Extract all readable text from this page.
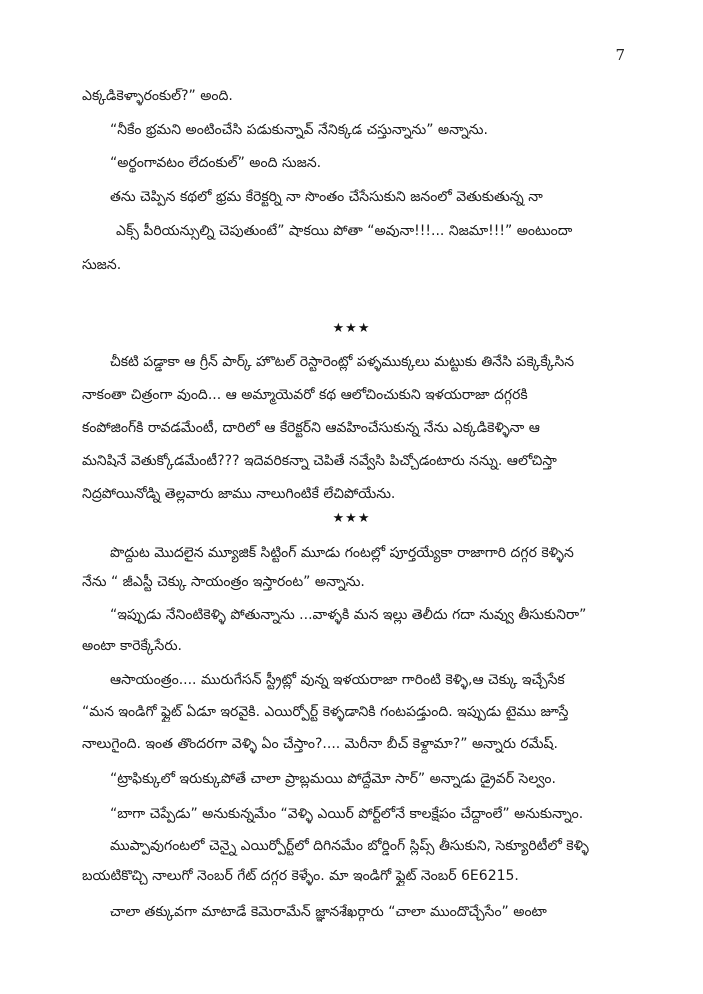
7
ఎక్కడికెళ్ళారంకుల్?” అంది.
“నీకేం భ్రమని అంటించేసి పడుకున్నావ్ నేనిక్కడ చస్తున్నాను” అన్నాను.
“అర్థంగావటం లేదంకుల్” అంది సుజన.
తను చెప్పిన కథలో భ్రమ కేరెక్టర్ని నా సొంతం చేసేసుకుని జనంలో వెతుకుతున్న నా
ఎక్స్ పీరియన్సుల్ని చెపుతుంటే” షాకయి పోతా “అవునా!!!... నిజమా!!!” అంటుందా
సుజన.
★★★
చీకటి పడ్డాకా ఆ గ్రీన్ పార్క్ హొటల్ రెస్టారెంట్లో పళ్ళముక్కలు మట్టుకు తినేసి పక్కెక్కేసిన
నాకంతా చిత్రంగా వుంది... ఆ అమ్మాయెవరో కథ ఆలోచించుకుని ఇళయరాజా దగ్గరకి
కంపోజింగ్‌కి రావడమేంటీ, దారిలో ఆ కేరెక్టర్‌ని ఆవహించేసుకున్న నేను ఎక్కడికెళ్ళినా ఆ
మనిషినే వెతుక్కోడమేంటీ??? ఇదెవరికన్నా చెపితే నవ్వేసి పిచ్చోడంటారు నన్ను. ఆలోచిస్తా
నిద్రపోయినోడ్ని తెల్లవారు జాము నాలుగింటికే లేచిపోయేను.
★★★
పొద్దుట మొదలైన మ్యూజిక్ సిట్టింగ్ మూడు గంటల్లో పూర్తయ్యేకా రాజాగారి దగ్గర కెళ్ళిన
నేను “ జీఎస్టీ చెక్కు సాయంత్రం ఇస్తారంట” అన్నాను.
“ఇప్పుడు నేనింటికెళ్ళి పోతున్నాను ...వాళ్ళకి మన ఇల్లు తెలీదు గదా నువ్వు తీసుకునిరా”
అంటా కారెక్కేసేరు.
ఆసాయంత్రం.... మురుగేసన్ స్ట్రీట్లో వున్న ఇళయరాజా గారింటి కెళ్ళి,ఆ చెక్కు ఇచ్చేసేక
“మన ఇండిగో ఫ్లైట్ ఏడూ ఇరవైకి. ఎయిర్పోర్ట్ కెళ్ళడానికి గంటపడ్తుంది. ఇప్పుడు టైము జూస్తే
నాలుగైంది. ఇంత తొందరగా వెళ్ళి ఏం చేస్తాం?.... మెరీనా బీచ్ కెళ్దామా?” అన్నారు రమేష్.
“ట్రాఫిక్కులో ఇరుక్కుపోతే చాలా ప్రాబ్లమయి పోద్దేమో సార్” అన్నాడు డ్రైవర్ సెల్వం.
“బాగా చెప్పేడు” అనుకున్నమేం “వెళ్ళి ఎయిర్ పోర్ట్‌లోనే కాలక్షేపం చేద్దాంలే” అనుకున్నాం.
ముప్పావుగంటలో చెన్నై ఎయిర్పోర్ట్‌లో దిగినమేం బోర్డింగ్ స్లిప్స్ తీసుకుని, సెక్యూరిటీలో కెళ్ళి
బయటికొచ్చి నాలుగో నెంబర్ గేట్ దగ్గర కెళ్ళేం. మా ఇండిగో ఫ్లైట్ నెంబర్ 6E6215.
చాలా తక్కువగా మాటాడే కెమెరామేన్ జ్ఞానశేఖర్గారు “చాలా ముందొచ్చేసేం” అంటా
